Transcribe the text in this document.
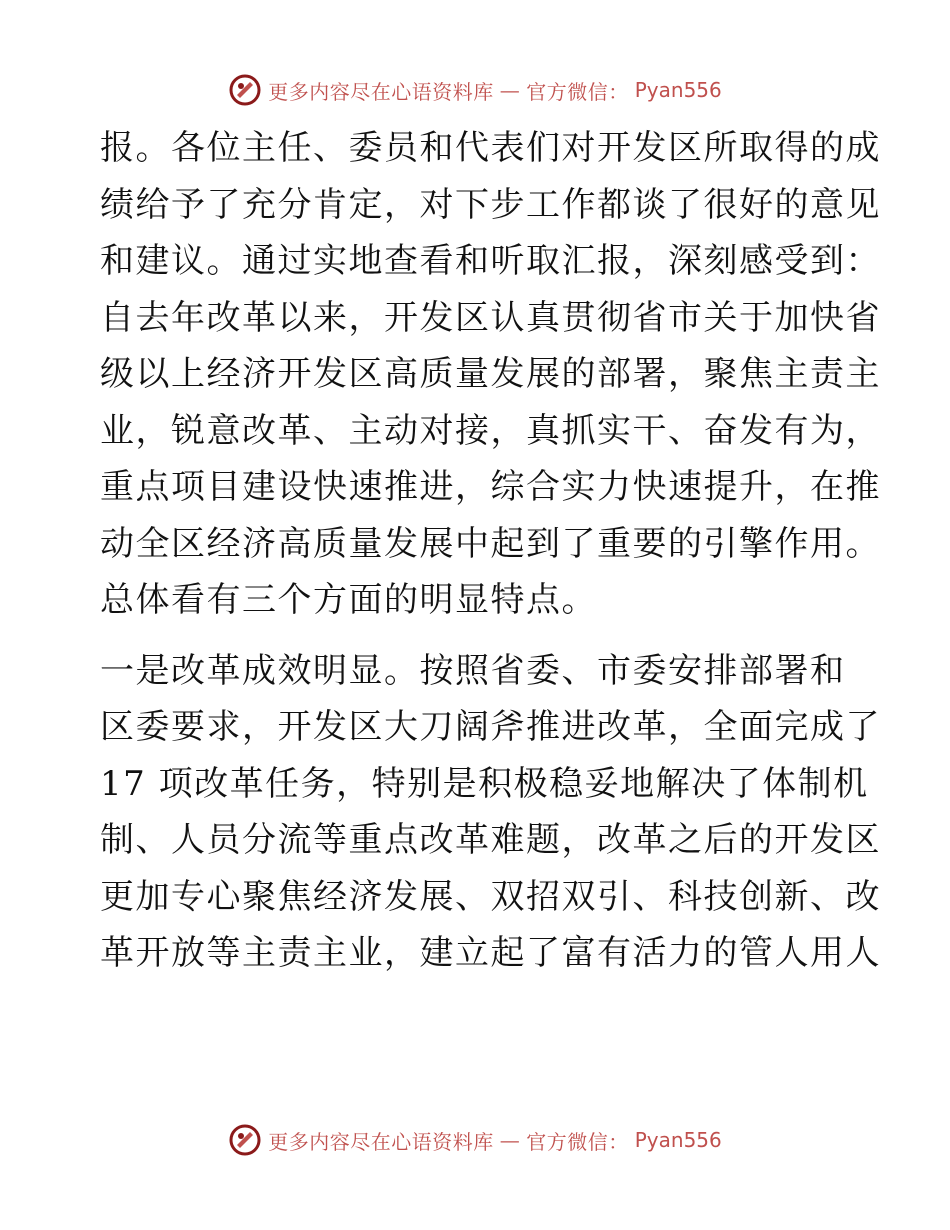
更多内容尽在心语资料库 — 官方微信： Pyan556
报。各位主任、委员和代表们对开发区所取得的成
绩给予了充分肯定，对下步工作都谈了很好的意见
和建议。通过实地查看和听取汇报，深刻感受到：
自去年改革以来，开发区认真贯彻省市关于加快省
级以上经济开发区高质量发展的部署，聚焦主责主
业，锐意改革、主动对接，真抓实干、奋发有为，
重点项目建设快速推进，综合实力快速提升，在推
动全区经济高质量发展中起到了重要的引擎作用。
总体看有三个方面的明显特点。
一是改革成效明显。按照省委、市委安排部署和
区委要求，开发区大刀阔斧推进改革，全面完成了
17 项改革任务，特别是积极稳妥地解决了体制机
制、人员分流等重点改革难题，改革之后的开发区
更加专心聚焦经济发展、双招双引、科技创新、改
革开放等主责主业，建立起了富有活力的管人用人
更多内容尽在心语资料库 — 官方微信： Pyan556
